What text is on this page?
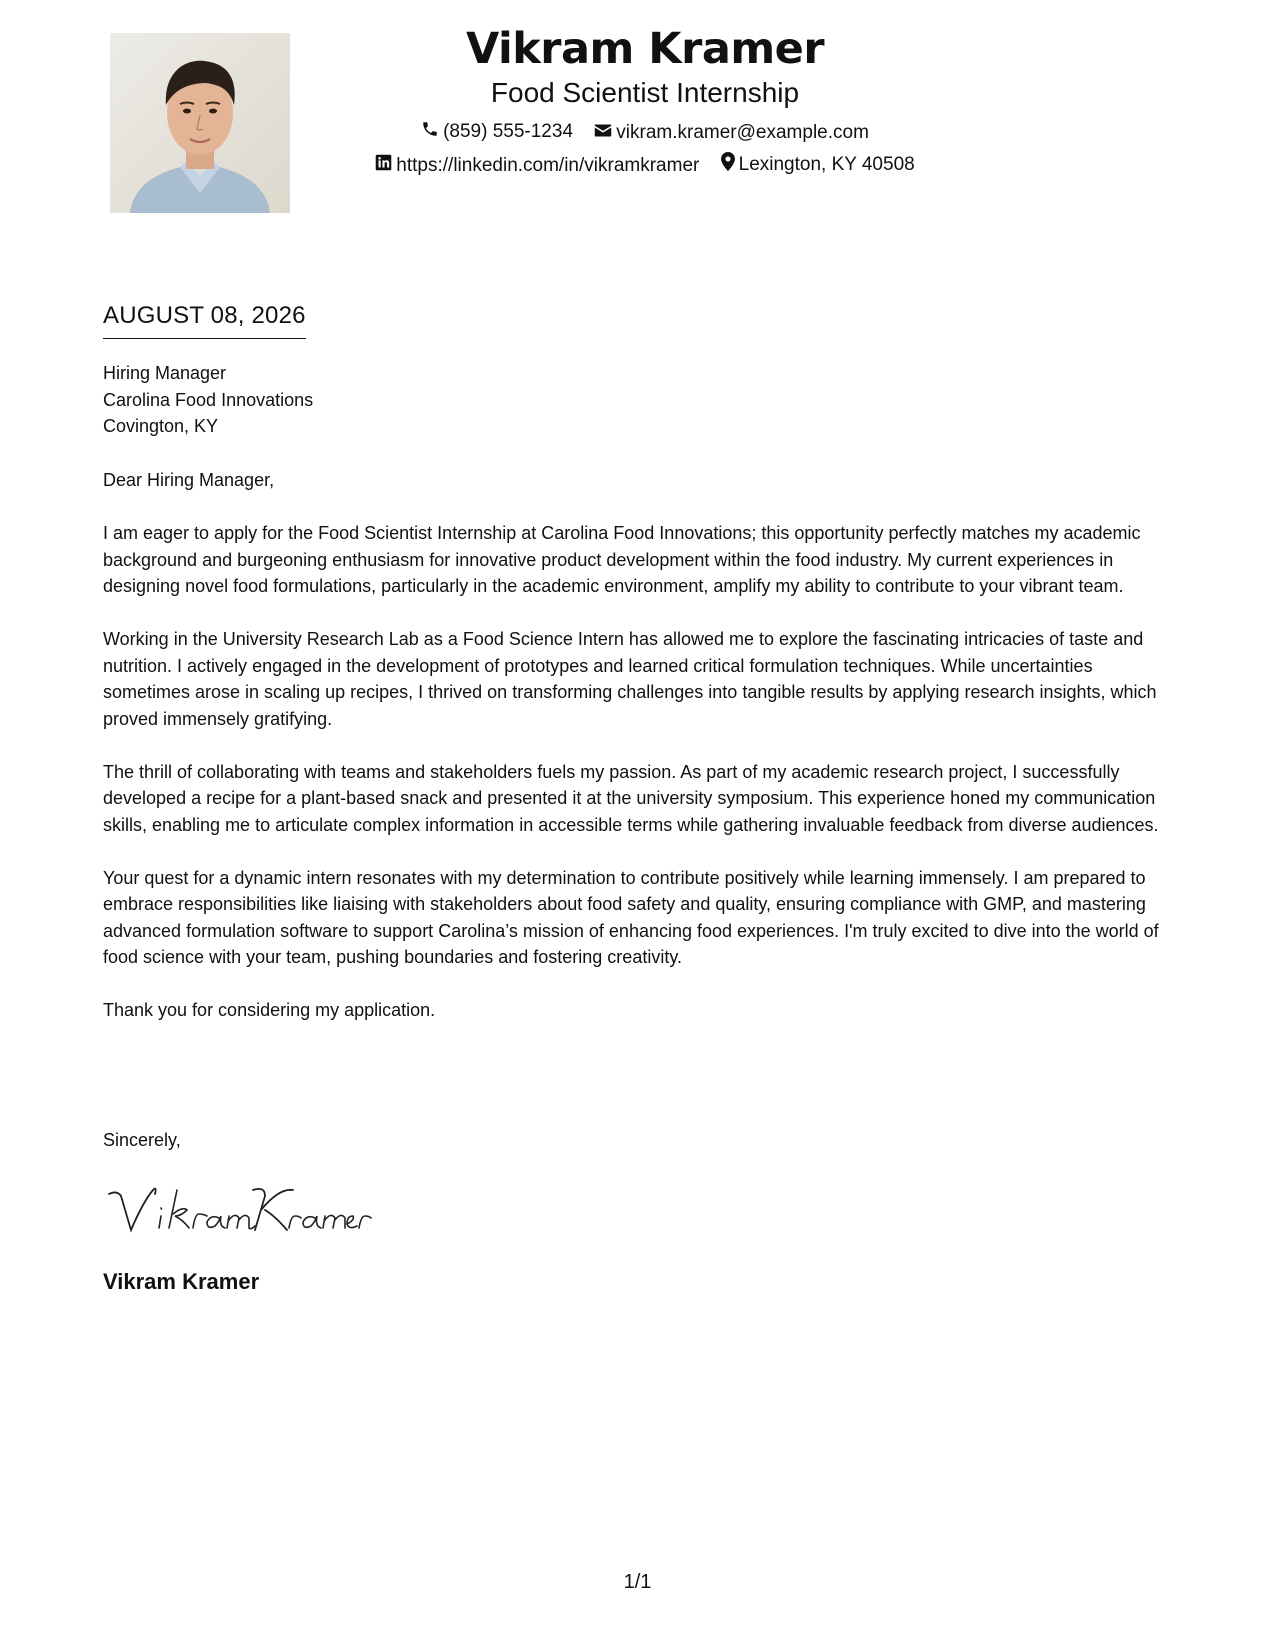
Vikram Kramer
Food Scientist Internship
(859) 555-1234
vikram.kramer@example.com
https://linkedin.com/in/vikramkramer
Lexington, KY 40508
AUGUST 08, 2026
Hiring Manager
Carolina Food Innovations
Covington, KY

Dear Hiring Manager,

I am eager to apply for the Food Scientist Internship at Carolina Food Innovations; this opportunity perfectly matches my academic background and burgeoning enthusiasm for innovative product development within the food industry. My current experiences in designing novel food formulations, particularly in the academic environment, amplify my ability to contribute to your vibrant team.

Working in the University Research Lab as a Food Science Intern has allowed me to explore the fascinating intricacies of taste and nutrition. I actively engaged in the development of prototypes and learned critical formulation techniques. While uncertainties sometimes arose in scaling up recipes, I thrived on transforming challenges into tangible results by applying research insights, which proved immensely gratifying.

The thrill of collaborating with teams and stakeholders fuels my passion. As part of my academic research project, I successfully developed a recipe for a plant-based snack and presented it at the university symposium. This experience honed my communication skills, enabling me to articulate complex information in accessible terms while gathering invaluable feedback from diverse audiences.

Your quest for a dynamic intern resonates with my determination to contribute positively while learning immensely. I am prepared to embrace responsibilities like liaising with stakeholders about food safety and quality, ensuring compliance with GMP, and mastering advanced formulation software to support Carolina’s mission of enhancing food experiences. I'm truly excited to dive into the world of food science with your team, pushing boundaries and fostering creativity.

Thank you for considering my application.

Sincerely,
Vikram Kramer
1/1
